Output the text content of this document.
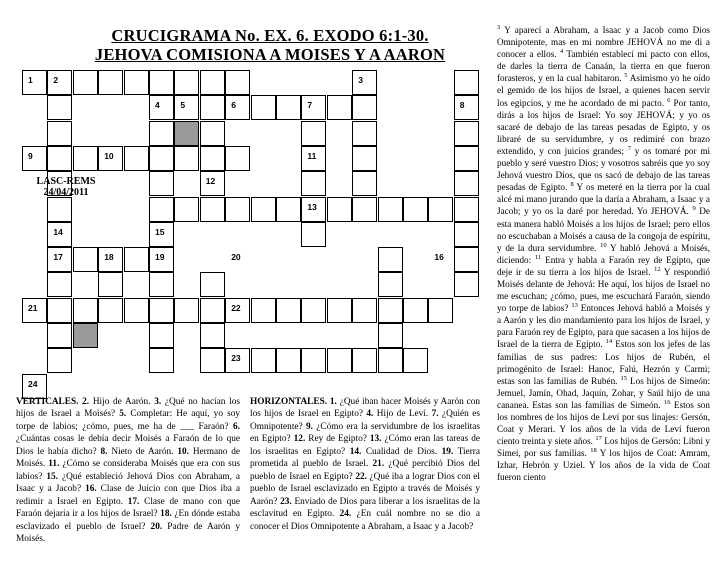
CRUCIGRAMA No. EX. 6. EXODO 6:1-30.
JEHOVA COMISIONA A MOISES Y A AARON
1 2	3
4 5	6	7	8
9	10	11
12
13
14	15
16
17	18	19	20
21	22
23
24
LASC-REMS
24/04/2011
VERTICALES. 2. Hijo de Aarón. 3. ¿Qué no hacían los hijos de Israel a Moisés? 5. Completar: He aquí, yo soy torpe de labios; ¿cómo, pues, me ha de ___ Faraón? 6. ¿Cuántas cosas le debía decir Moisés a Faraón de lo que Dios le había dicho? 8. Nieto de Aarón. 10. Hermano de Moisés. 11. ¿Cómo se consideraba Moisés que era con sus labios? 15. ¿Qué estableció Jehová Dios con Abraham, a Isaac y a Jacob? 16. Clase de Juicio con que Dios iba a redimir a Israel en Egipto. 17. Clase de mano con que Faraón dejaría ir a los hijos de Israel? 18. ¿En dónde estaba esclavizado el pueblo de Israel? 20. Padre de Aarón y Moisés.
HORIZONTALES. 1. ¿Qué iban hacer Moisés y Aarón con los hijos de Israel en Egipto? 4. Hijo de Leví. 7. ¿Quién es Omnipotente? 9. ¿Cómo era la servidumbre de los israelitas en Egipto? 12. Rey de Egipto? 13. ¿Cómo eran las tareas de los israelitas en Egipto? 14. Cualidad de Dios. 19. Tierra prometida al pueblo de Israel. 21. ¿Qué percibió Dios del pueblo de Israel en Egipto? 22. ¿Qué iba a lograr Dios con el pueblo de Israel esclavizado en Egipto a través de Moisés y Aarón? 23. Enviado de Dios para liberar a los israelitas de la esclavitud en Egipto. 24. ¿En cuál nombre no se dio a conocer el Dios Omnipotente a Abraham, a Isaac y a Jacob?
$^3$ Y aparecí a Abraham, a Isaac y a Jacob como Dios Omnipotente, mas en mi nombre JEHOVÁ no me di a conocer a ellos. $^4$ También establecí mi pacto con ellos, de darles la tierra de Canaán, la tierra en que fueron forasteros, y en la cual habitaron. $^5$ Asimismo yo he oído el gemido de los hijos de Israel, a quienes hacen servir los egipcios, y me he acordado de mi pacto. $^6$ Por tanto, dirás a los hijos de Israel: Yo soy JEHOVÁ; y yo os sacaré de debajo de las tareas pesadas de Egipto, y os libraré de su servidumbre, y os redimiré con brazo extendido, y con juicios grandes; $^7$ y os tomaré por mi pueblo y seré vuestro Dios; y vosotros sabréis que yo soy Jehová vuestro Dios, que os sacó de debajo de las tareas pesadas de Egipto. $^8$ Y os meteré en la tierra por la cual alcé mi mano jurando que la daría a Abraham, a Isaac y a Jacob; y yo os la daré por heredad. Yo JEHOVÁ. $^9$ De esta manera habló Moisés a los hijos de Israel; pero ellos no escuchaban a Moisés a causa de la congoja de espíritu, y de la dura servidumbre. $^{10}$ Y habló Jehová a Moisés, diciendo: $^{11}$ Entra y habla a Faraón rey de Egipto, que deje ir de su tierra a los hijos de Israel. $^{12}$ Y respondió Moisés delante de Jehová: He aquí, los hijos de Israel no me escuchan; ¿cómo, pues, me escuchará Faraón, siendo yo torpe de labios? $^{13}$ Entonces Jehová habló a Moisés y a Aarón y les dio mandamiento para los hijos de Israel, y para Faraón rey de Egipto, para que sacasen a los hijos de Israel de la tierra de Egipto. $^{14}$ Estos son los jefes de las familias de sus padres: Los hijos de Rubén, el primogénito de Israel: Hanoc, Falú, Hezrón y Carmi; estas son las familias de Rubén. $^{15}$ Los hijos de Simeón: Jemuel, Jamín, Ohad, Jaquín, Zohar, y Saúl hijo de una cananea. Estas son las familias de Simeón. $^{16}$ Estos son los nombres de los hijos de Leví por sus linajes: Gersón, Coat y Merari. Y los años de la vida de Leví fueron ciento treinta y siete años. $^{17}$ Los hijos de Gersón: Libni y Simei, por sus familias. $^{18}$ Y los hijos de Coat: Amram, Izhar, Hebrón y Uziel. Y los años de la vida de Coat fueron ciento
